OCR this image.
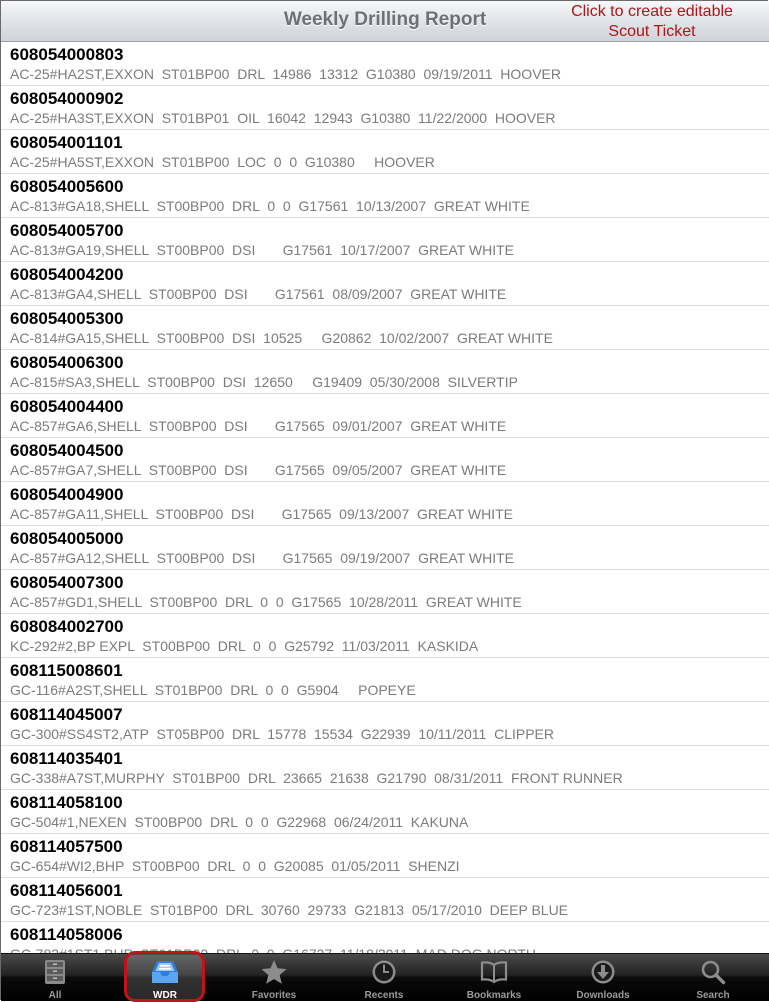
Weekly Drilling Report	Click to create editable
Scout Ticket
608054000803
AC-25#HA2ST,EXXON  ST01BP00  DRL  14986  13312  G10380  09/19/2011  HOOVER
608054000902
AC-25#HA3ST,EXXON  ST01BP01  OIL  16042  12943  G10380  11/22/2000  HOOVER
608054001101
AC-25#HA5ST,EXXON  ST01BP00  LOC  0  0  G10380     HOOVER
608054005600
AC-813#GA18,SHELL  ST00BP00  DRL  0  0  G17561  10/13/2007  GREAT WHITE
608054005700
AC-813#GA19,SHELL  ST00BP00  DSI       G17561  10/17/2007  GREAT WHITE
608054004200
AC-813#GA4,SHELL  ST00BP00  DSI       G17561  08/09/2007  GREAT WHITE
608054005300
AC-814#GA15,SHELL  ST00BP00  DSI  10525     G20862  10/02/2007  GREAT WHITE
608054006300
AC-815#SA3,SHELL  ST00BP00  DSI  12650     G19409  05/30/2008  SILVERTIP
608054004400
AC-857#GA6,SHELL  ST00BP00  DSI       G17565  09/01/2007  GREAT WHITE
608054004500
AC-857#GA7,SHELL  ST00BP00  DSI       G17565  09/05/2007  GREAT WHITE
608054004900
AC-857#GA11,SHELL  ST00BP00  DSI       G17565  09/13/2007  GREAT WHITE
608054005000
AC-857#GA12,SHELL  ST00BP00  DSI       G17565  09/19/2007  GREAT WHITE
608054007300
AC-857#GD1,SHELL  ST00BP00  DRL  0  0  G17565  10/28/2011  GREAT WHITE
608084002700
KC-292#2,BP EXPL  ST00BP00  DRL  0  0  G25792  11/03/2011  KASKIDA
608115008601
GC-116#A2ST,SHELL  ST01BP00  DRL  0  0  G5904     POPEYE
608114045007
GC-300#SS4ST2,ATP  ST05BP00  DRL  15778  15534  G22939  10/11/2011  CLIPPER
608114035401
GC-338#A7ST,MURPHY  ST01BP00  DRL  23665  21638  G21790  08/31/2011  FRONT RUNNER
608114058100
GC-504#1,NEXEN  ST00BP00  DRL  0  0  G22968  06/24/2011  KAKUNA
608114057500
GC-654#WI2,BHP  ST00BP00  DRL  0  0  G20085  01/05/2011  SHENZI
608114056001
GC-723#1ST,NOBLE  ST01BP00  DRL  30760  29733  G21813  05/17/2010  DEEP BLUE
608114058006
All	WDR	Favorites	Recents	Bookmarks	Downloads	Search
